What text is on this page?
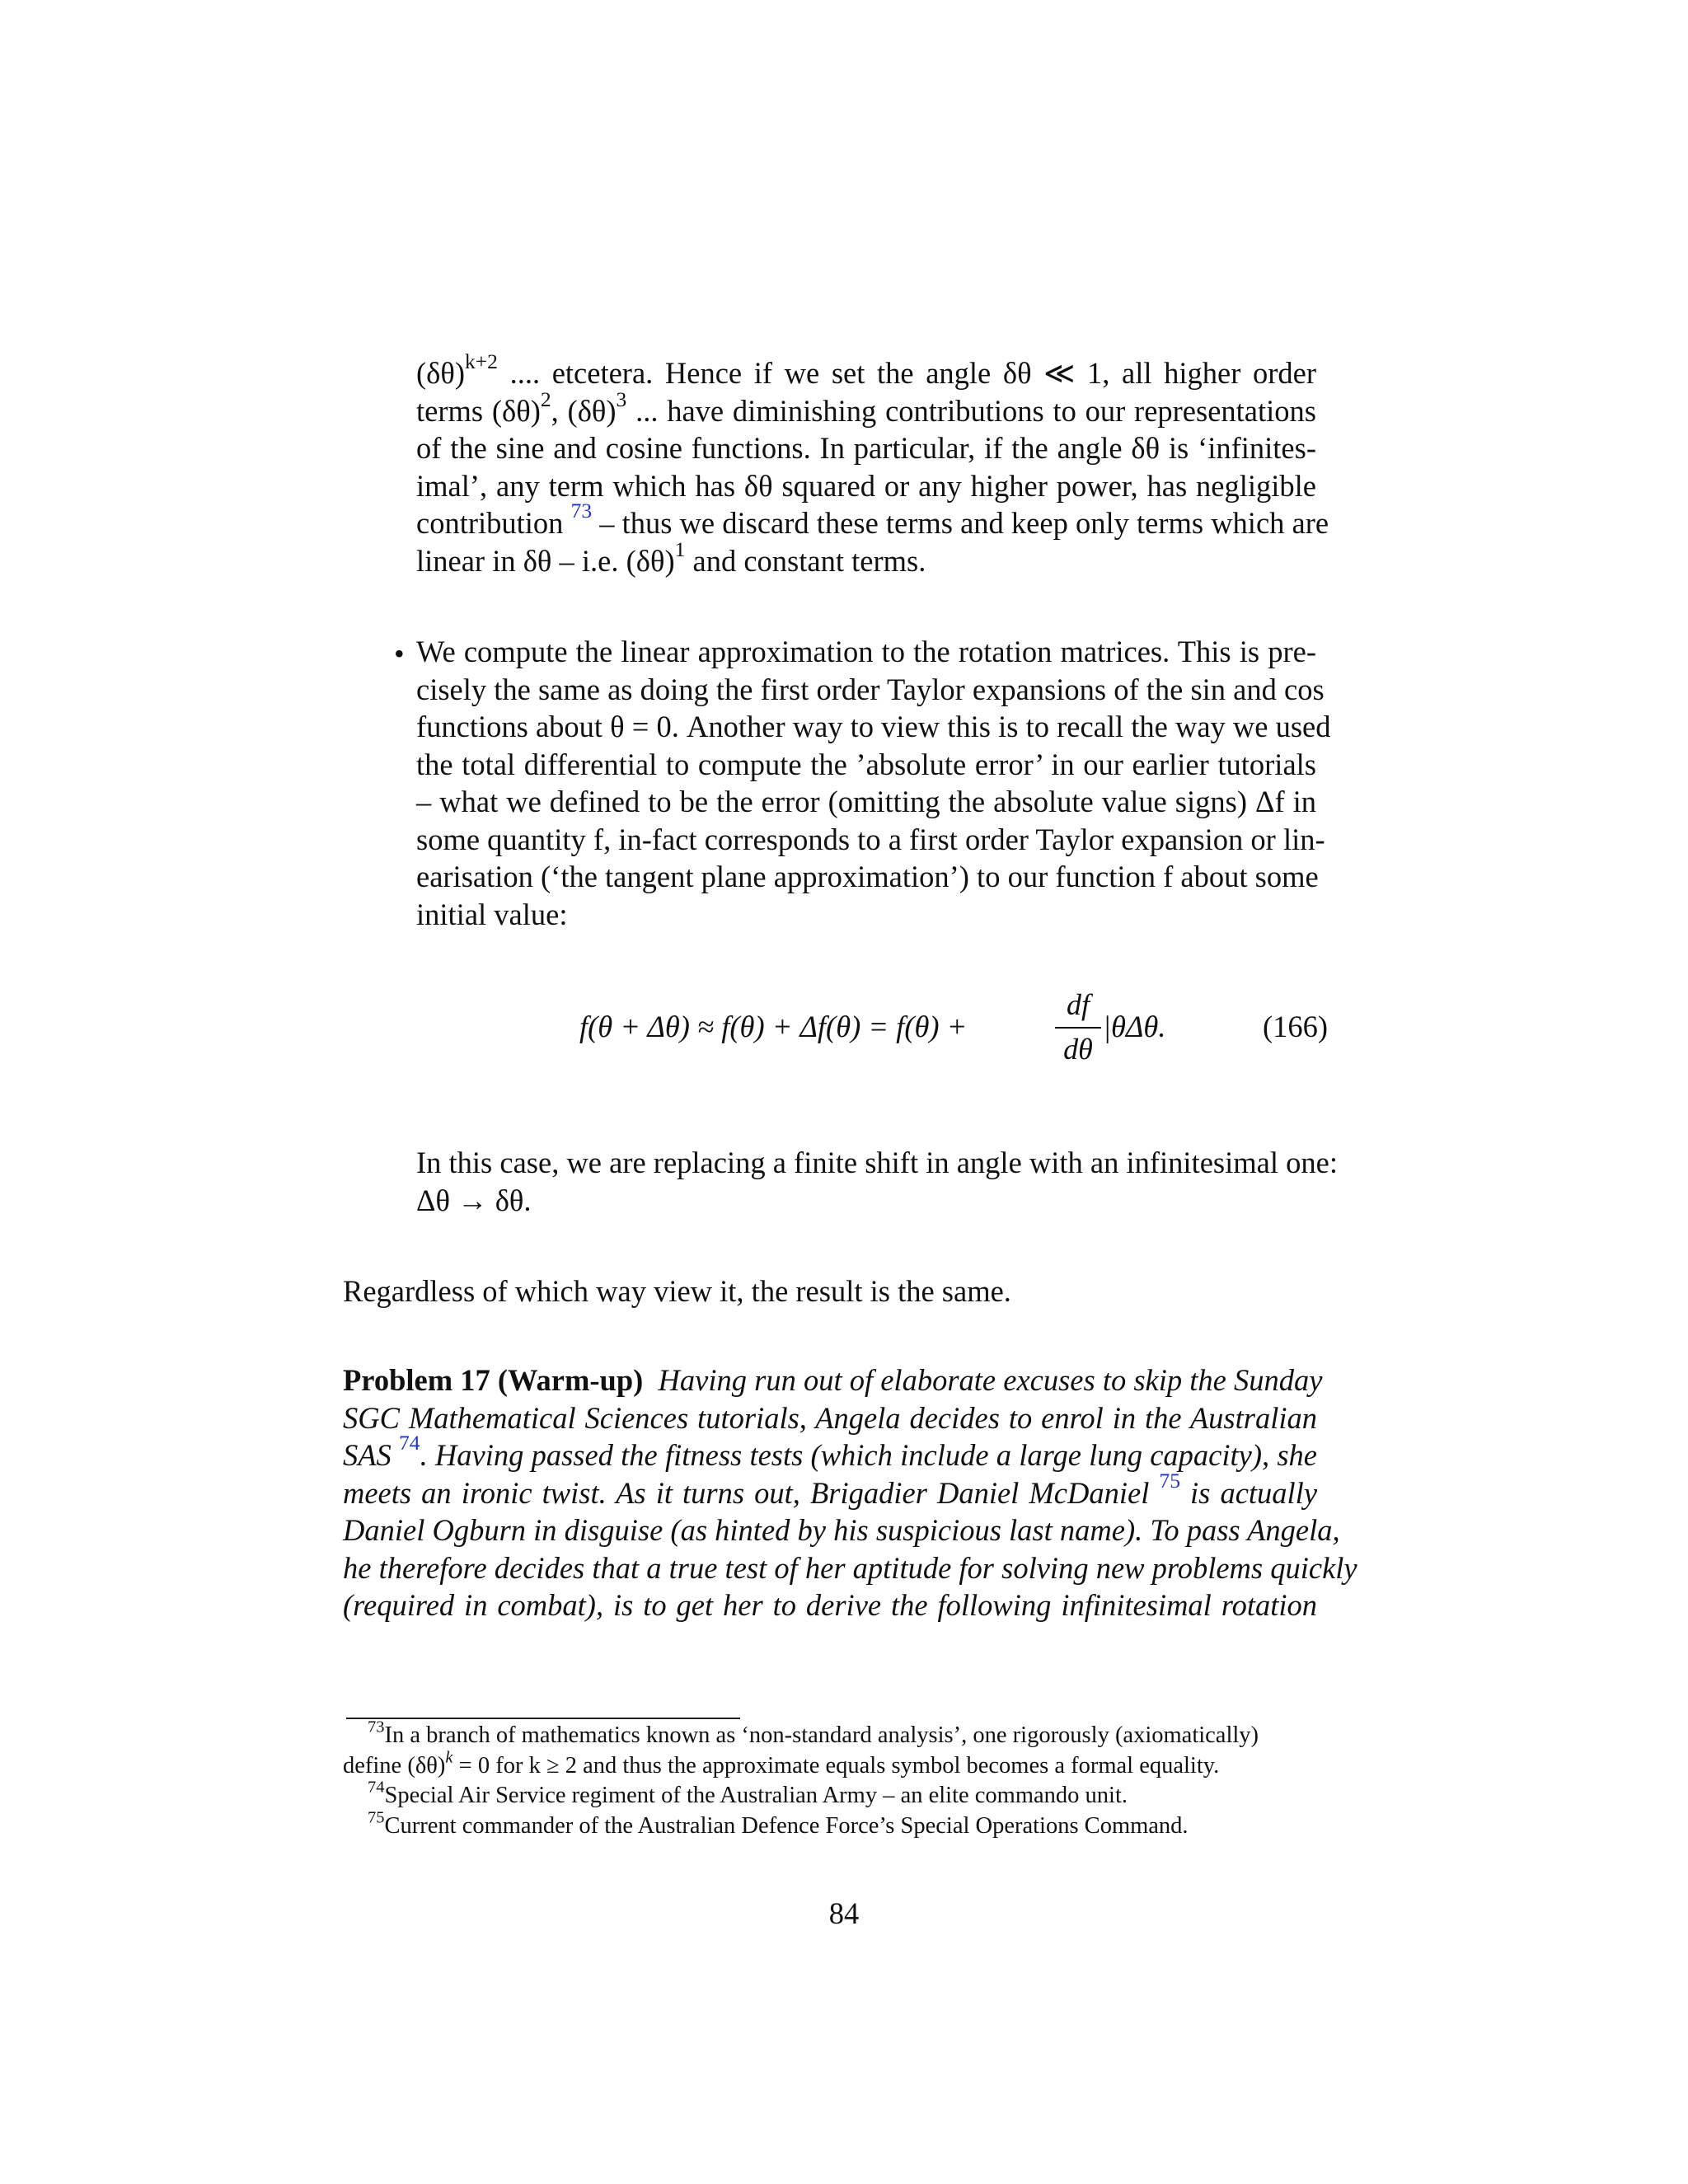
$(\delta\theta)^{k+2}$ .... etcetera. Hence if we set the angle δθ ≪ 1, all higher order
terms $(\delta\theta)^2$, $(\delta\theta)^3$ ... have diminishing contributions to our representations
of the sine and cosine functions. In particular, if the angle δθ is ‘infinites-
imal’, any term which has δθ squared or any higher power, has negligible
contribution $^{73}$ – thus we discard these terms and keep only terms which are
linear in δθ – i.e. $(\delta\theta)^1$ and constant terms.
• We compute the linear approximation to the rotation matrices. This is pre-
cisely the same as doing the first order Taylor expansions of the sin and cos
functions about θ = 0. Another way to view this is to recall the way we used
the total differential to compute the ’absolute error’ in our earlier tutorials
– what we defined to be the error (omitting the absolute value signs) Δf in
some quantity f, in-fact corresponds to a first order Taylor expansion or lin-
earisation (‘the tangent plane approximation’) to our function f about some
initial value:
f(θ + Δθ) ≈ f(θ) + Δf(θ) = f(θ) +
df
dθ
|θΔθ.	(166)
In this case, we are replacing a finite shift in angle with an infinitesimal one:
Δθ → δθ.
Regardless of which way view it, the result is the same.
Problem 17 (Warm-up) Having run out of elaborate excuses to skip the Sunday
SGC Mathematical Sciences tutorials, Angela decides to enrol in the Australian
SAS $^{74}$. Having passed the fitness tests (which include a large lung capacity), she
meets an ironic twist. As it turns out, Brigadier Daniel McDaniel $^{75}$ is actually
Daniel Ogburn in disguise (as hinted by his suspicious last name). To pass Angela,
he therefore decides that a true test of her aptitude for solving new problems quickly
(required in combat), is to get her to derive the following infinitesimal rotation
$^{73}$In a branch of mathematics known as ‘non-standard analysis’, one rigorously (axiomatically)
define $(\delta\theta)^k = 0$ for k ≥ 2 and thus the approximate equals symbol becomes a formal equality.
$^{74}$Special Air Service regiment of the Australian Army – an elite commando unit.
$^{75}$Current commander of the Australian Defence Force’s Special Operations Command.
84
